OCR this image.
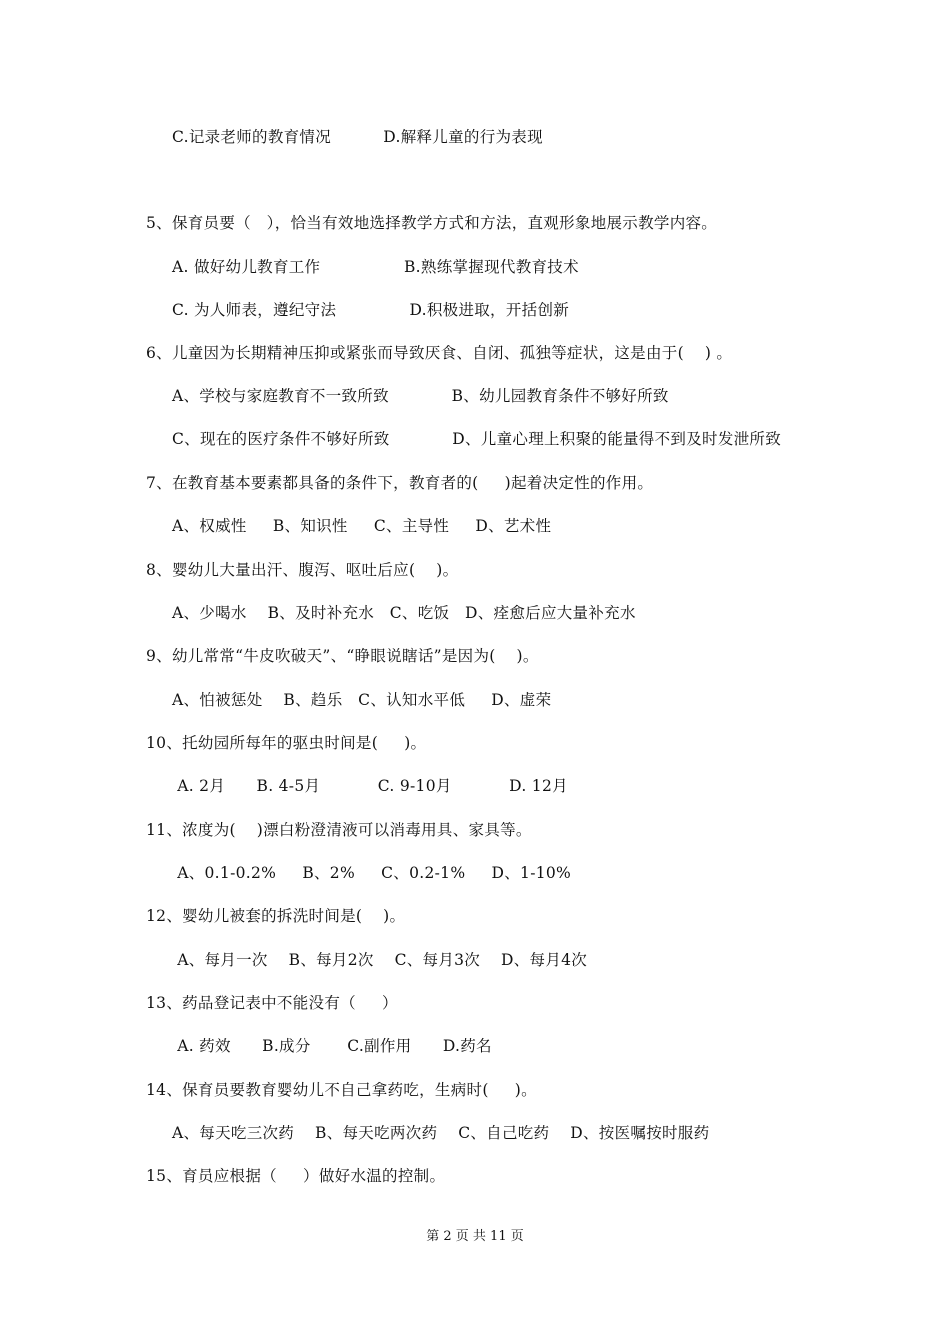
C.记录老师的教育情况          D.解释儿童的行为表现
5、保育员要（   ），恰当有效地选择教学方式和方法，直观形象地展示教学内容。
A. 做好幼儿教育工作                B.熟练掌握现代教育技术
C. 为人师表，遵纪守法              D.积极进取，开括创新
6、儿童因为长期精神压抑或紧张而导致厌食、自闭、孤独等症状，这是由于(    ) 。
A、学校与家庭教育不一致所致            B、幼儿园教育条件不够好所致
C、现在的医疗条件不够好所致            D、儿童心理上积聚的能量得不到及时发泄所致
7、在教育基本要素都具备的条件下，教育者的(     )起着决定性的作用。
A、权威性     B、知识性     C、主导性     D、艺术性
8、婴幼儿大量出汗、腹泻、呕吐后应(    )。
A、少喝水    B、及时补充水   C、吃饭   D、痊愈后应大量补充水
9、幼儿常常“牛皮吹破天”、“睁眼说瞎话”是因为(    )。
A、怕被惩处    B、趋乐   C、认知水平低     D、虚荣
10、托幼园所每年的驱虫时间是(     )。
A. 2月      B. 4-5月           C. 9-10月           D. 12月
11、浓度为(    )漂白粉澄清液可以消毒用具、家具等。
A、0.1-0.2%     B、2%     C、0.2-1%     D、1-10%
12、婴幼儿被套的拆洗时间是(    )。
A、每月一次    B、每月2次    C、每月3次    D、每月4次
13、药品登记表中不能没有（     ）
A. 药效      B.成分       C.副作用      D.药名
14、保育员要教育婴幼儿不自己拿药吃，生病时(     )。
A、每天吃三次药    B、每天吃两次药    C、自己吃药    D、按医嘱按时服药
15、育员应根据（     ）做好水温的控制。
第 2 页 共 11 页
